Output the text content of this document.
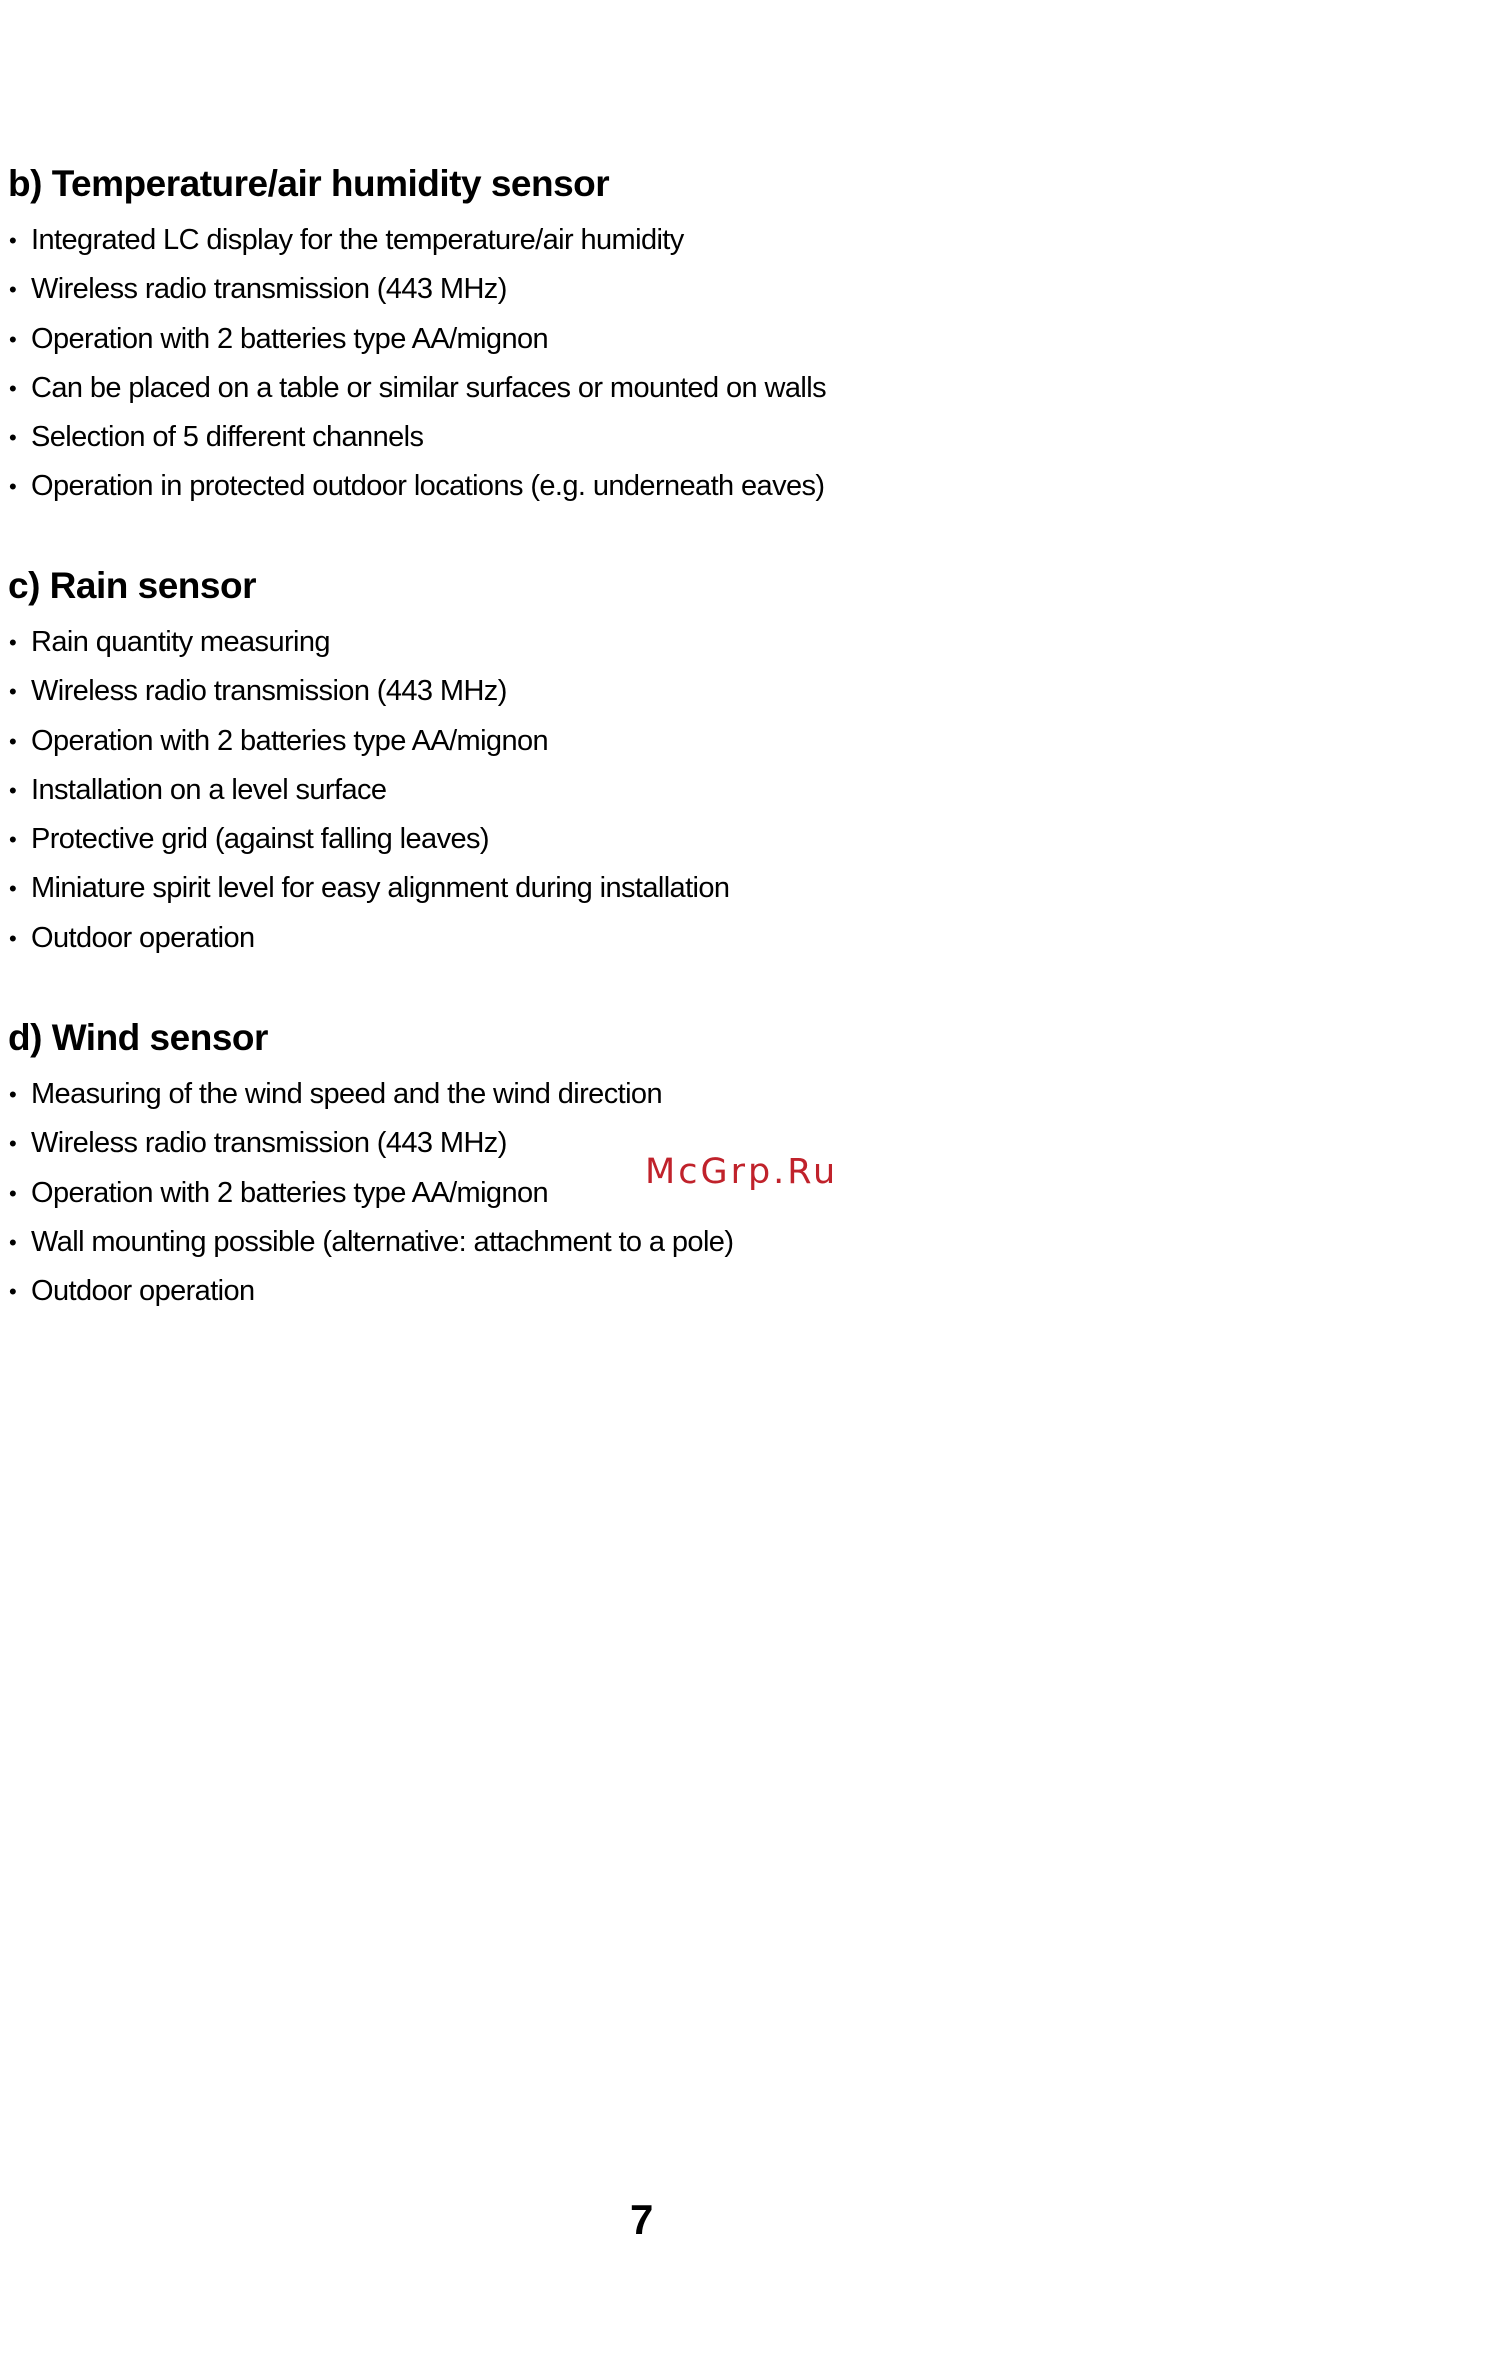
b) Temperature/air humidity sensor
• Integrated LC display for the temperature/air humidity
• Wireless radio transmission (443 MHz)
• Operation with 2 batteries type AA/mignon
• Can be placed on a table or similar surfaces or mounted on walls
• Selection of 5 different channels
• Operation in protected outdoor locations (e.g. underneath eaves)
c) Rain sensor
• Rain quantity measuring
• Wireless radio transmission (443 MHz)
• Operation with 2 batteries type AA/mignon
• Installation on a level surface
• Protective grid (against falling leaves)
• Miniature spirit level for easy alignment during installation
• Outdoor operation
d) Wind sensor
• Measuring of the wind speed and the wind direction
• Wireless radio transmission (443 MHz)
• Operation with 2 batteries type AA/mignon
• Wall mounting possible (alternative: attachment to a pole)
• Outdoor operation
McGrp.Ru
7
